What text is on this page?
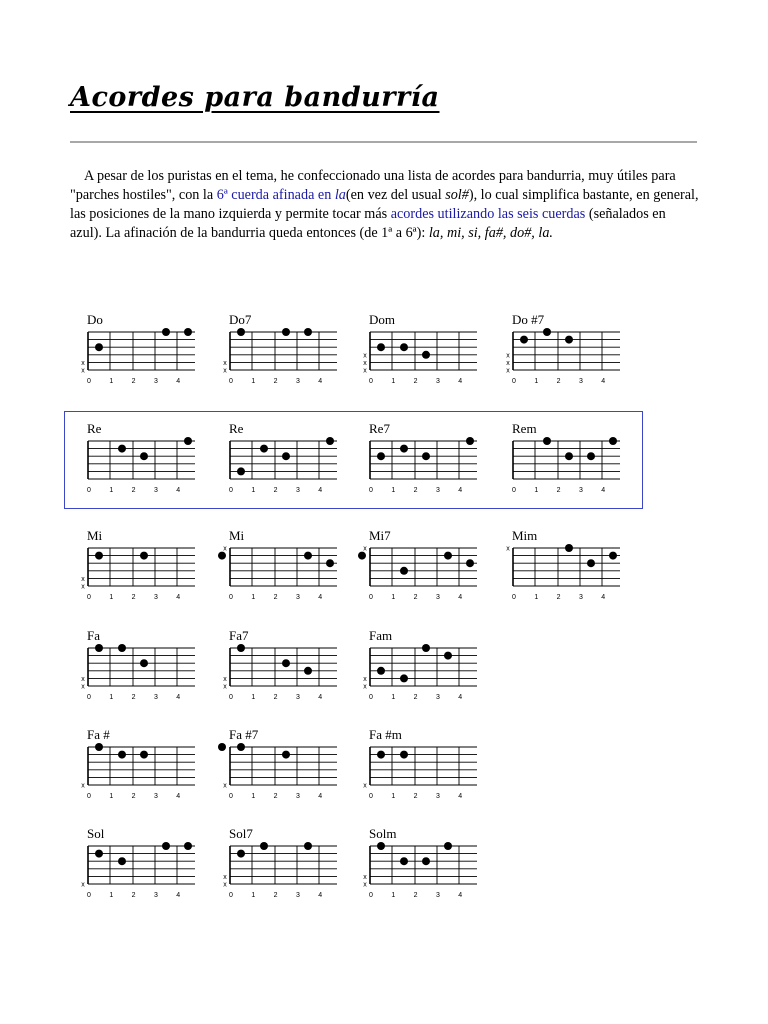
Acordes para bandurría

A pesar de los puristas en el tema, he confeccionado una lista de acordes para bandurria, muy útiles para "parches hostiles", con la 6ª cuerda afinada en la(en vez del usual sol#), lo cual simplifica bastante, en general, las posiciones de la mano izquierda y permite tocar más acordes utilizando las seis cuerdas (señalados en azul). La afinación de la bandurria queda entonces (de 1ª a 6ª): la, mi, si, fa#, do#, la.

Do
0	1	2	3	4
x
x
Do7
0	1	2	3	4
x
x
Dom
0	1	2	3	4
x
x
x
Do #7
0	1	2	3	4
x
x
x
Re
0	1	2	3	4
Re
0	1	2	3	4
Re7
0	1	2	3	4
Rem
0	1	2	3	4
Mi
0	1	2	3	4
x
x
Mi
0	1	2	3	4
x
Mi7
0	1	2	3	4
x
Mim
0	1	2	3	4
x
Fa
0	1	2	3	4
x
x
Fa7
0	1	2	3	4
x
x
Fam
0	1	2	3	4
x
x
Fa #
0	1	2	3	4
x
Fa #7
0	1	2	3	4
x
Fa #m
0	1	2	3	4
x
Sol
0	1	2	3	4
x
Sol7
0	1	2	3	4
x
x
Solm
0	1	2	3	4
x
x
